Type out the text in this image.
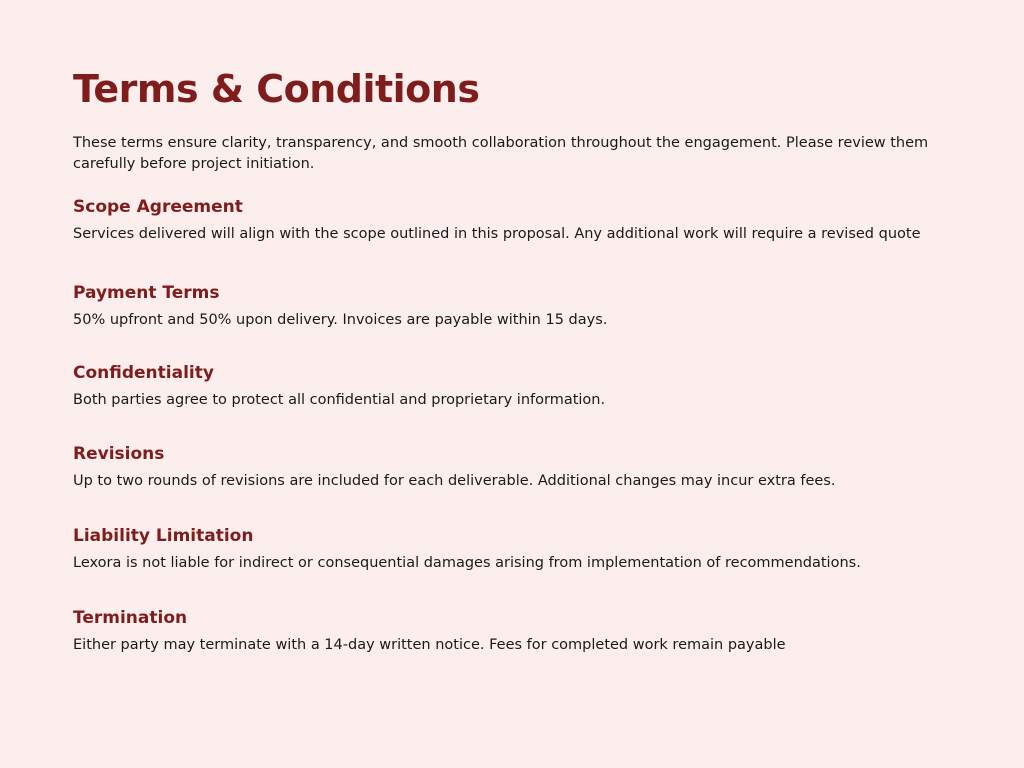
Terms & Conditions
These terms ensure clarity, transparency, and smooth collaboration throughout the engagement. Please review them carefully before project initiation.
Scope Agreement

Services delivered will align with the scope outlined in this proposal. Any additional work will require a revised quote

Payment Terms

50% upfront and 50% upon delivery. Invoices are payable within 15 days.

Confidentiality

Both parties agree to protect all confidential and proprietary information.

Revisions

Up to two rounds of revisions are included for each deliverable. Additional changes may incur extra fees.

Liability Limitation

Lexora is not liable for indirect or consequential damages arising from implementation of recommendations.

Termination

Either party may terminate with a 14-day written notice. Fees for completed work remain payable
